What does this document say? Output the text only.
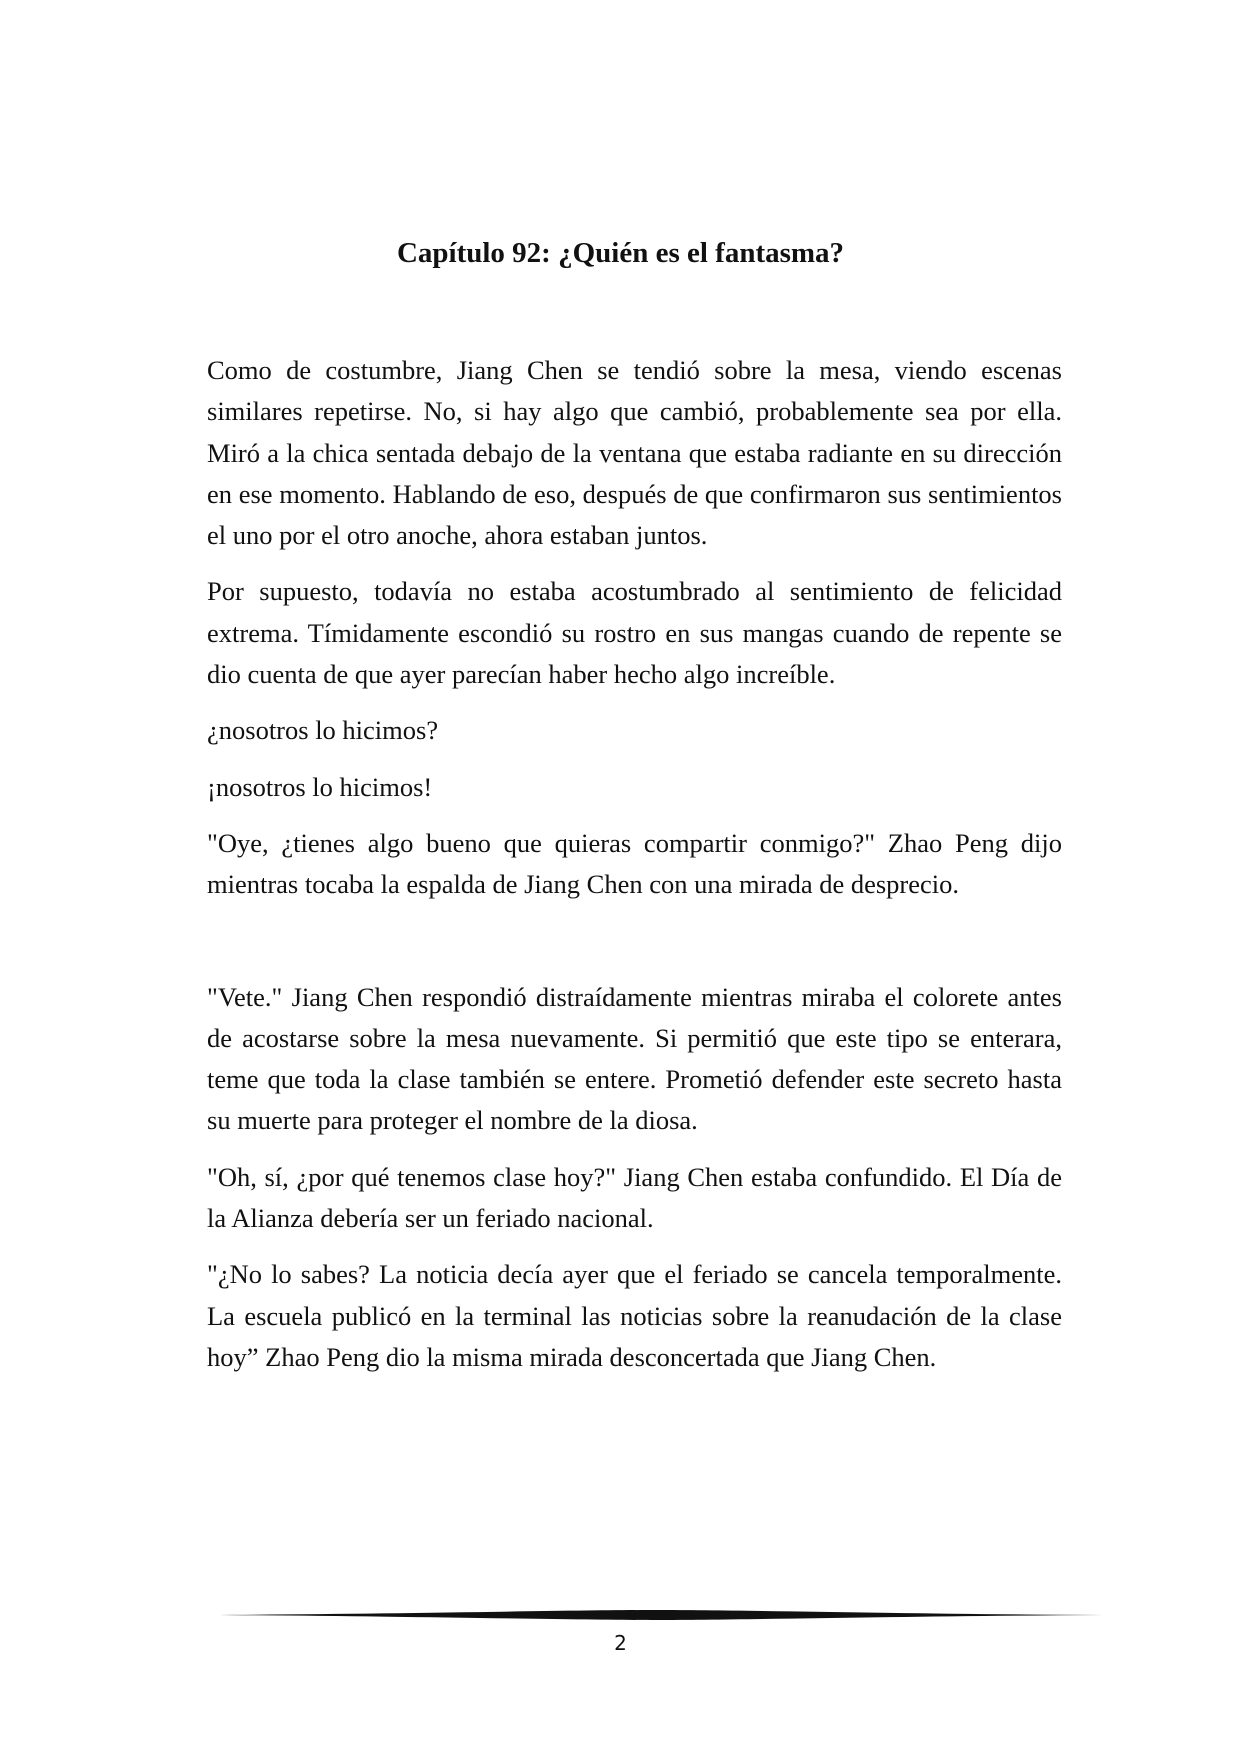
Capítulo 92: ¿Quién es el fantasma?

Como de costumbre, Jiang Chen se tendió sobre la mesa, viendo escenas similares repetirse. No, si hay algo que cambió, probablemente sea por ella. Miró a la chica sentada debajo de la ventana que estaba radiante en su dirección en ese momento. Hablando de eso, después de que confirmaron sus sentimientos el uno por el otro anoche, ahora estaban juntos.

Por supuesto, todavía no estaba acostumbrado al sentimiento de felicidad extrema. Tímidamente escondió su rostro en sus mangas cuando de repente se dio cuenta de que ayer parecían haber hecho algo increíble.

¿nosotros lo hicimos?

¡nosotros lo hicimos!

"Oye, ¿tienes algo bueno que quieras compartir conmigo?" Zhao Peng dijo mientras tocaba la espalda de Jiang Chen con una mirada de desprecio.

"Vete." Jiang Chen respondió distraídamente mientras miraba el colorete antes de acostarse sobre la mesa nuevamente. Si permitió que este tipo se enterara, teme que toda la clase también se entere. Prometió defender este secreto hasta su muerte para proteger el nombre de la diosa.

"Oh, sí, ¿por qué tenemos clase hoy?" Jiang Chen estaba confundido. El Día de la Alianza debería ser un feriado nacional.

"¿No lo sabes? La noticia decía ayer que el feriado se cancela temporalmente. La escuela publicó en la terminal las noticias sobre la reanudación de la clase hoy” Zhao Peng dio la misma mirada desconcertada que Jiang Chen.

2
